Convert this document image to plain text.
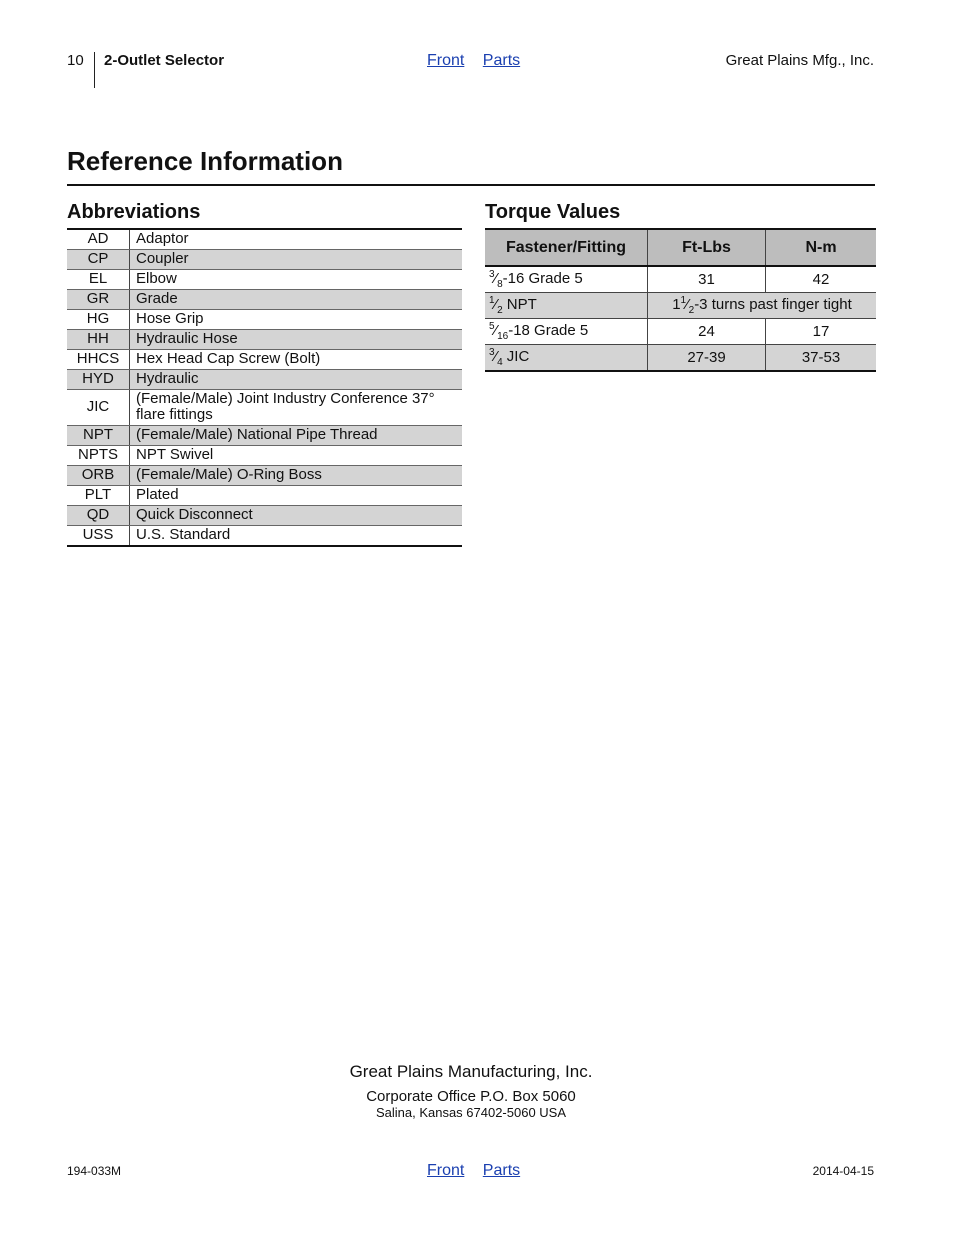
10 2-Outlet Selector	Front Parts	Great Plains Mfg., Inc.
Reference Information
Abbreviations
AD	Adaptor
CP	Coupler
EL	Elbow
GR	Grade
HG	Hose Grip
HH	Hydraulic Hose
HHCS	Hex Head Cap Screw (Bolt)
HYD	Hydraulic
JIC	(Female/Male) Joint Industry Conference 37° flare fittings
NPT	(Female/Male) National Pipe Thread
NPTS	NPT Swivel
ORB	(Female/Male) O-Ring Boss
PLT	Plated
QD	Quick Disconnect
USS	U.S. Standard
Torque Values
Fastener/Fitting	Ft-Lbs	N-m
$^3⁄_8-16$ Grade 5	31	42
$^1⁄_2$ NPT	$1^1⁄_2-3$ turns past finger tight	
$^5⁄_{16}-18$ Grade 5	24	17
$^3⁄_4$ JIC	27-39	37-53
Great Plains Manufacturing, Inc.
Corporate Office P.O. Box 5060
Salina, Kansas 67402-5060 USA
194-033M	Front Parts	2014-04-15
